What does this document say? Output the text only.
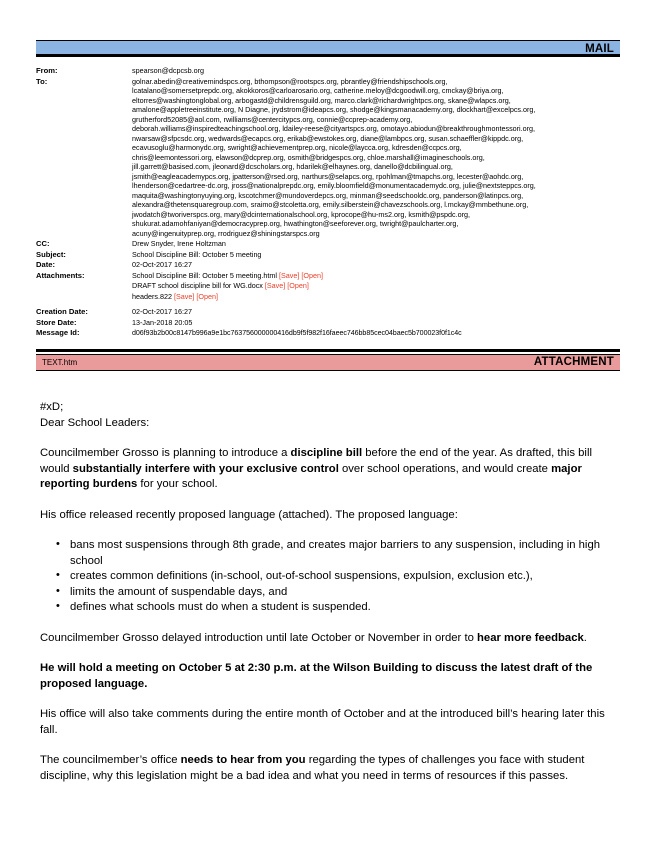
MAIL
From:	spearson@dcpcsb.org

To:	golnar.abedin@creativemindspcs.org, bthompson@rootspcs.org, pbrantley@friendshipschools.org,
lcatalano@somersetprepdc.org, akokkoros@carloarosario.org, catherine.meloy@dcgoodwill.org, cmckay@briya.org,
eltorres@washingtonglobal.org, arbogastd@childrensguild.org, marco.clark@richardwrightpcs.org, skane@wlapcs.org,
amalone@appletreeinstitute.org, N Diagne, jrydstrom@ideapcs.org, shodge@kingsmanacademy.org, dlockhart@excelpcs.org,
grutherford52085@aol.com, rwilliams@centercitypcs.org, connie@ccprep-academy.org,
deborah.williams@inspiredteachingschool.org, ldailey-reese@cityartspcs.org, omotayo.abiodun@breakthroughmontessori.org,
nwarsaw@sfpcsdc.org, wedwards@ecapcs.org, erikab@ewstokes.org, diane@lambpcs.org, susan.schaeffler@kippdc.org,
ecavusoglu@harmonydc.org, swright@achievementprep.org, nicole@laycca.org, kdresden@ccpcs.org,
chris@leemontessori.org, elawson@dcprep.org, osmith@bridgespcs.org, chloe.marshall@imagineschools.org,
jill.garrett@basised.com, jleonard@dcscholars.org, hdarilek@elhaynes.org, danello@dcbilingual.org,
jsmith@eagleacademypcs.org, jpatterson@rsed.org, narthurs@selapcs.org, rpohlman@tmapchs.org, lecester@aohdc.org,
lhenderson@cedartree-dc.org, jross@nationalprepdc.org, emily.bloomfield@monumentacademydc.org, julie@nextsteppcs.org,
maquita@washingtonyuying.org, kscotchmer@mundoverdepcs.org, minman@seedschooldc.org, panderson@latinpcs.org,
alexandra@thetensquaregroup.com, sraimo@stcoletta.org, emily.silberstein@chavezschools.org, l.mckay@mmbethune.org,
jwodatch@tworiverspcs.org, mary@dcinternationalschool.org, kprocope@hu-ms2.org, ksmith@pspdc.org,
shukurat.adamohfaniyan@democracyprep.org, hwathington@seeforever.org, twright@paulcharter.org,
acuny@ingenuityprep.org, rrodriguez@shiningstarspcs.org

CC:	Drew Snyder, Irene Holtzman

Subject:	School Discipline Bill: October 5 meeting

Date:	02-Oct-2017 16:27

Attachments:	School Discipline Bill: October 5 meeting.html [Save] [Open]
DRAFT school discipline bill for WG.docx [Save] [Open]
headers.822 [Save] [Open]

Creation Date:	02-Oct-2017 16:27
Store Date:	13-Jan-2018 20:05
Message Id:	d06f93b2b00c8147b996a9e1bc763756000000416db9f5f982f16faeec746bb85cec04baec5b700023f0f1c4c
TEXT.htm	ATTACHMENT
#xD;
Dear School Leaders:

Councilmember Grosso is planning to introduce a discipline bill before the end of the year. As drafted, this bill would substantially interfere with your exclusive control over school operations, and would create major reporting burdens for your school.

His office released recently proposed language (attached). The proposed language:

• bans most suspensions through 8th grade, and creates major barriers to any suspension, including in high school
• creates common definitions (in-school, out-of-school suspensions, expulsion, exclusion etc.),
• limits the amount of suspendable days, and
• defines what schools must do when a student is suspended.

Councilmember Grosso delayed introduction until late October or November in order to hear more feedback.

He will hold a meeting on October 5 at 2:30 p.m. at the Wilson Building to discuss the latest draft of the proposed language.

His office will also take comments during the entire month of October and at the introduced bill’s hearing later this fall.

The councilmember’s office needs to hear from you regarding the types of challenges you face with student discipline, why this legislation might be a bad idea and what you need in terms of resources if this passes.
